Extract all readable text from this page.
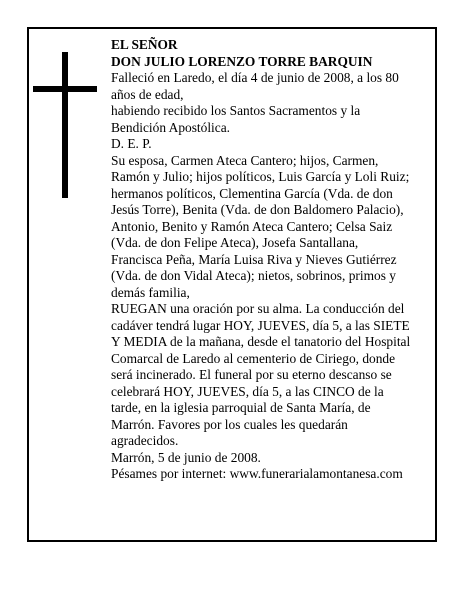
EL SEÑOR
DON JULIO LORENZO TORRE BARQUIN
Falleció en Laredo, el día 4 de junio de 2008, a los 80
años de edad,
habiendo recibido los Santos Sacramentos y la
Bendición Apostólica.
D. E. P.
Su esposa, Carmen Ateca Cantero; hijos, Carmen,
Ramón y Julio; hijos políticos, Luis García y Loli Ruiz;
hermanos políticos, Clementina García (Vda. de don
Jesús Torre), Benita (Vda. de don Baldomero Palacio),
Antonio, Benito y Ramón Ateca Cantero; Celsa Saiz
(Vda. de don Felipe Ateca), Josefa Santallana,
Francisca Peña, María Luisa Riva y Nieves Gutiérrez
(Vda. de don Vidal Ateca); nietos, sobrinos, primos y
demás familia,
RUEGAN una oración por su alma. La conducción del
cadáver tendrá lugar HOY, JUEVES, día 5, a las SIETE
Y MEDIA de la mañana, desde el tanatorio del Hospital
Comarcal de Laredo al cementerio de Ciriego, donde
será incinerado. El funeral por su eterno descanso se
celebrará HOY, JUEVES, día 5, a las CINCO de la
tarde, en la iglesia parroquial de Santa María, de
Marrón. Favores por los cuales les quedarán
agradecidos.
Marrón, 5 de junio de 2008.
Pésames por internet: www.funerarialamontanesa.com
